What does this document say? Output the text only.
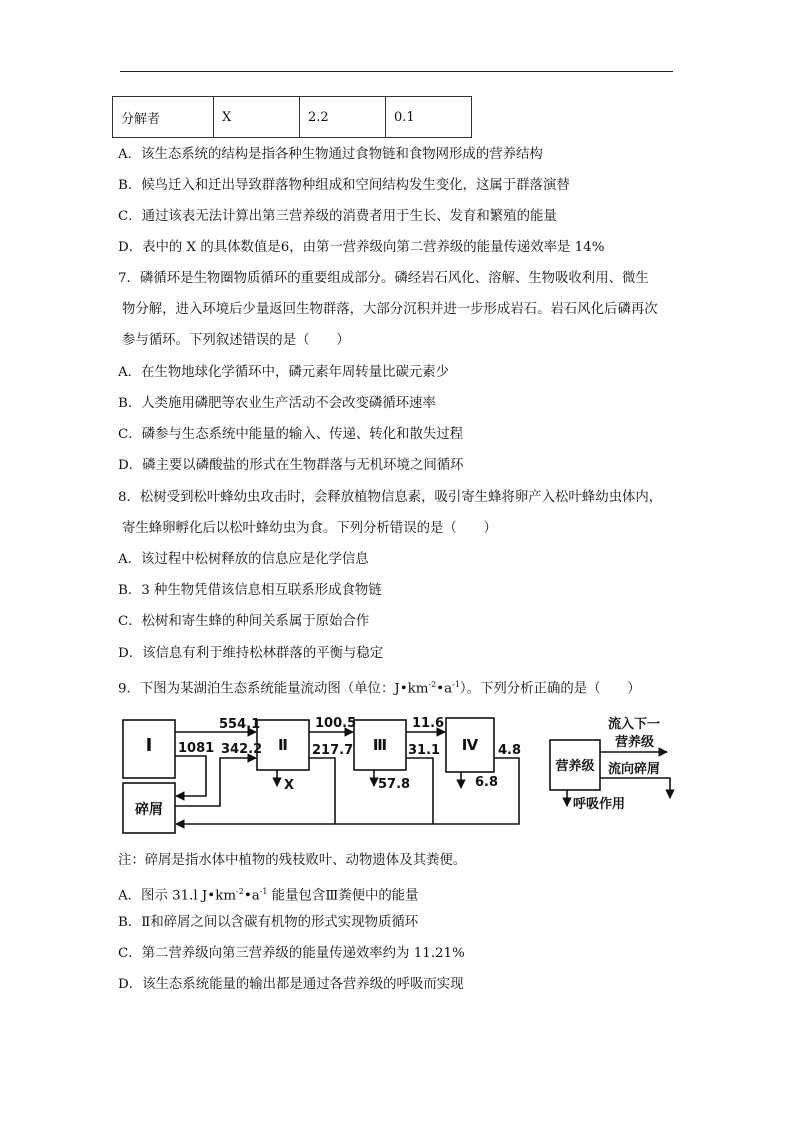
分解者	X	2.2	0.1
A．该生态系统的结构是指各种生物通过食物链和食物网形成的营养结构
B．候鸟迁入和迁出导致群落物种组成和空间结构发生变化，这属于群落演替
C．通过该表无法计算出第三营养级的消费者用于生长、发育和繁殖的能量
D．表中的 X 的具体数值是6，由第一营养级向第二营养级的能量传递效率是 14%
7．磷循环是生物圈物质循环的重要组成部分。磷经岩石风化、溶解、生物吸收利用、微生
物分解，进入环境后少量返回生物群落，大部分沉积并进一步形成岩石。岩石风化后磷再次
参与循环。下列叙述错误的是（　　）
A．在生物地球化学循环中，磷元素年周转量比碳元素少
B．人类施用磷肥等农业生产活动不会改变磷循环速率
C．磷参与生态系统中能量的输入、传递、转化和散失过程
D．磷主要以磷酸盐的形式在生物群落与无机环境之间循环
8．松树受到松叶蜂幼虫攻击时，会释放植物信息素，吸引寄生蜂将卵产入松叶蜂幼虫体内，
寄生蜂卵孵化后以松叶蜂幼虫为食。下列分析错误的是（　　）
A．该过程中松树释放的信息应是化学信息
B．3 种生物凭借该信息相互联系形成食物链
C．松树和寄生蜂的种间关系属于原始合作
D．该信息有利于维持松林群落的平衡与稳定
9．下图为某湖泊生态系统能量流动图（单位：$J•km^{-2}•a^{-1}$）。下列分析正确的是（　　）
Ⅰ	Ⅱ	Ⅲ	Ⅳ
碎屑
554.1	100.5	11.6
1081 342.2	217.7	31.1	4.8
X	57.8	6.8
营养级
流入下一
营养级
流向碎屑
呼吸作用
注：碎屑是指水体中植物的残枝败叶、动物遗体及其粪便。
A．图示 31.l $J•km^{-2}•a^{-1}$ 能量包含Ⅲ粪便中的能量
B．Ⅱ和碎屑之间以含碳有机物的形式实现物质循环
C．第二营养级向第三营养级的能量传递效率约为 11.21%
D．该生态系统能量的输出都是通过各营养级的呼吸而实现
